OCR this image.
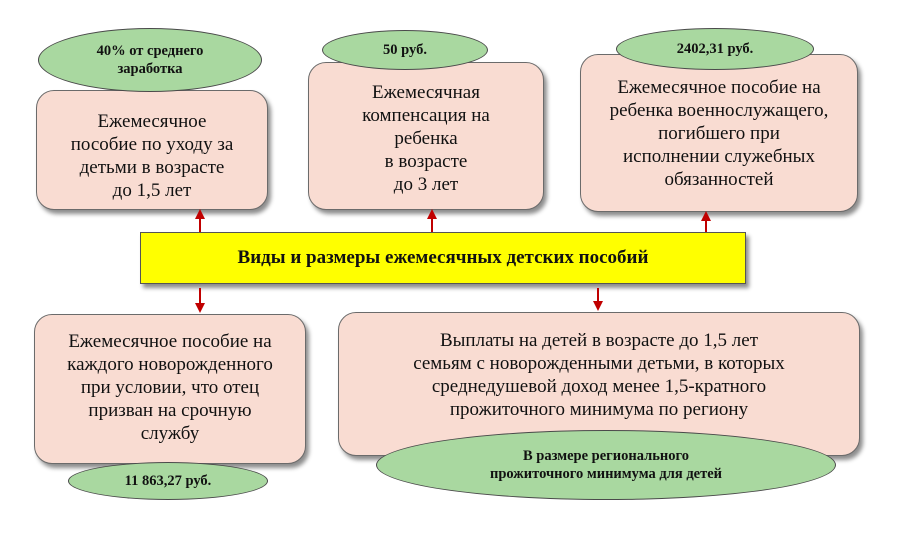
Ежемесячное
пособие по уходу за
детьми в возрасте
до 1,5 лет
40% от среднего
заработка
Ежемесячная
компенсация на
ребенка
в возрасте
до 3 лет
50 руб.
Ежемесячное пособие на
ребенка военнослужащего,
погибшего при
исполнении служебных
обязанностей
2402,31 руб.
Виды и размеры ежемесячных детских пособий
Ежемесячное пособие на
каждого новорожденного
при условии, что отец
призван на срочную
службу
11 863,27 руб.
Выплаты на детей в возрасте до 1,5 лет
семьям с новорожденными детьми, в которых
среднедушевой доход менее 1,5-кратного
прожиточного минимума по региону
В размере регионального
прожиточного минимума для детей
